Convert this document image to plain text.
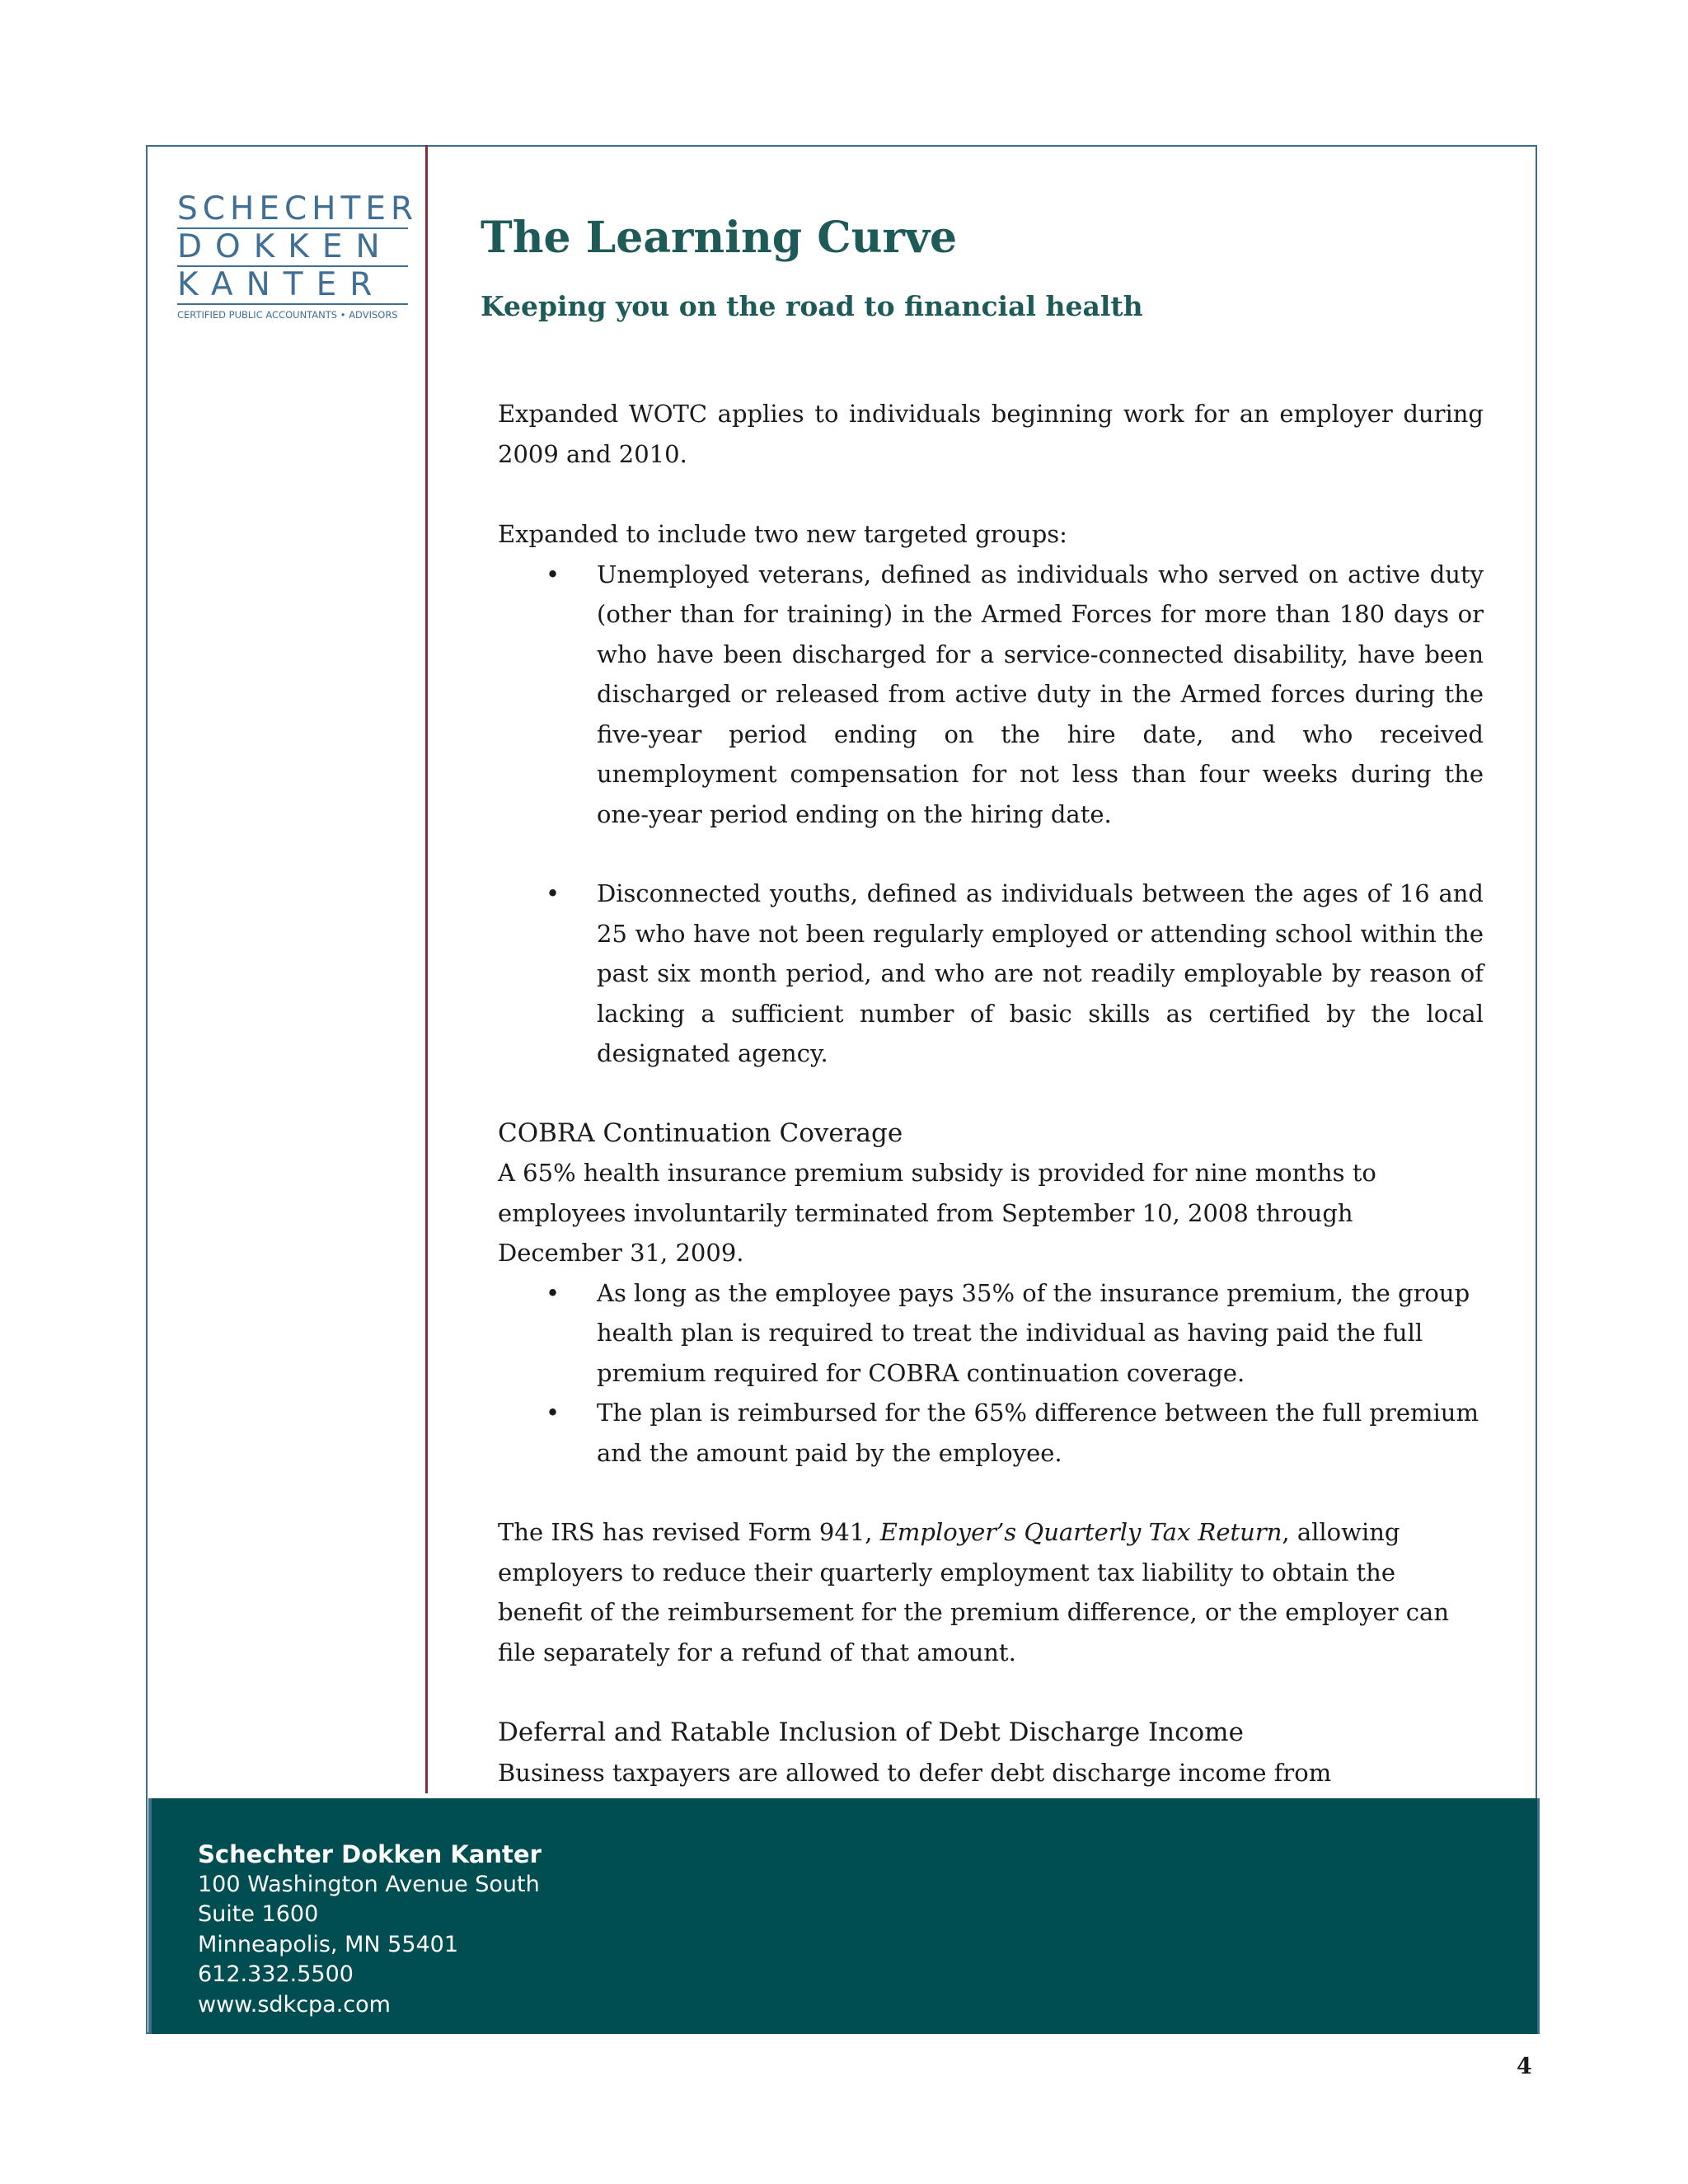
SCHECHTER
DOKKEN
KANTER
CERTIFIED PUBLIC ACCOUNTANTS • ADVISORS
The Learning Curve
Keeping you on the road to financial health

Expanded WOTC applies to individuals beginning work for an employer during 2009 and 2010.

Expanded to include two new targeted groups:

• Unemployed veterans, defined as individuals who served on active duty (other than for training) in the Armed Forces for more than 180 days or who have been discharged for a service-connected disability, have been discharged or released from active duty in the Armed forces during the five-year period ending on the hire date, and who received unemployment compensation for not less than four weeks during the one-year period ending on the hiring date.
• Disconnected youths, defined as individuals between the ages of 16 and 25 who have not been regularly employed or attending school within the past six month period, and who are not readily employable by reason of lacking a sufficient number of basic skills as certified by the local designated agency.
COBRA Continuation Coverage

A 65% health insurance premium subsidy is provided for nine months to employees involuntarily terminated from September 10, 2008 through December 31, 2009.

• As long as the employee pays 35% of the insurance premium, the group health plan is required to treat the individual as having paid the full premium required for COBRA continuation coverage.
• The plan is reimbursed for the 65% difference between the full premium and the amount paid by the employee.

The IRS has revised Form 941, Employer’s Quarterly Tax Return, allowing employers to reduce their quarterly employment tax liability to obtain the benefit of the reimbursement for the premium difference, or the employer can file separately for a refund of that amount.

Deferral and Ratable Inclusion of Debt Discharge Income

Business taxpayers are allowed to defer debt discharge income from

Schechter Dokken Kanter
100 Washington Avenue South
Suite 1600
Minneapolis, MN 55401
612.332.5500
www.sdkcpa.com
4
